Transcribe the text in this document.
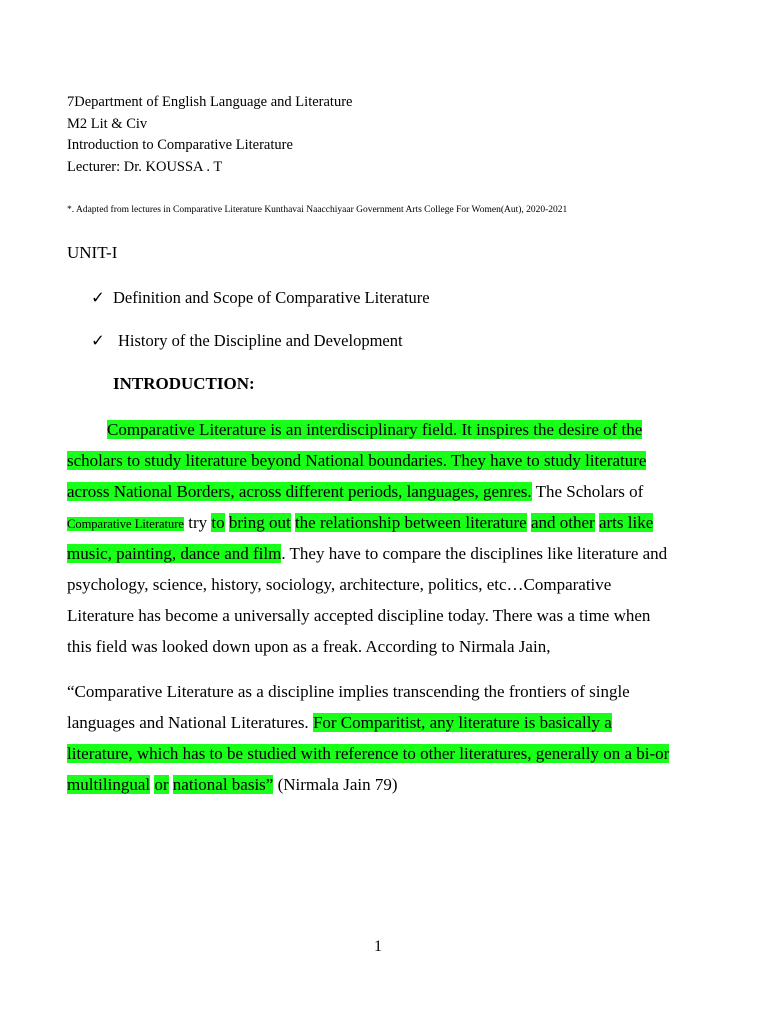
7Department of English Language and Literature
M2 Lit & Civ
Introduction to Comparative Literature
Lecturer: Dr. KOUSSA . T
*. Adapted from lectures in Comparative Literature Kunthavai Naacchiyaar Government Arts College For Women(Aut), 2020-2021
UNIT-I
✓ Definition and Scope of Comparative Literature
✓ History of the Discipline and Development
INTRODUCTION:
Comparative Literature is an interdisciplinary field. It inspires the desire of the
scholars to study literature beyond National boundaries. They have to study literature
across National Borders, across different periods, languages, genres. The Scholars of
Comparative Literature try to bring out the relationship between literature and other arts like
music, painting, dance and film. They have to compare the disciplines like literature and
psychology, science, history, sociology, architecture, politics, etc…Comparative
Literature has become a universally accepted discipline today. There was a time when
this field was looked down upon as a freak. According to Nirmala Jain,
“Comparative Literature as a discipline implies transcending the frontiers of single
languages and National Literatures. For Comparitist, any literature is basically a
literature, which has to be studied with reference to other literatures, generally on a bi-or
multilingual or national basis” (Nirmala Jain 79)
1
